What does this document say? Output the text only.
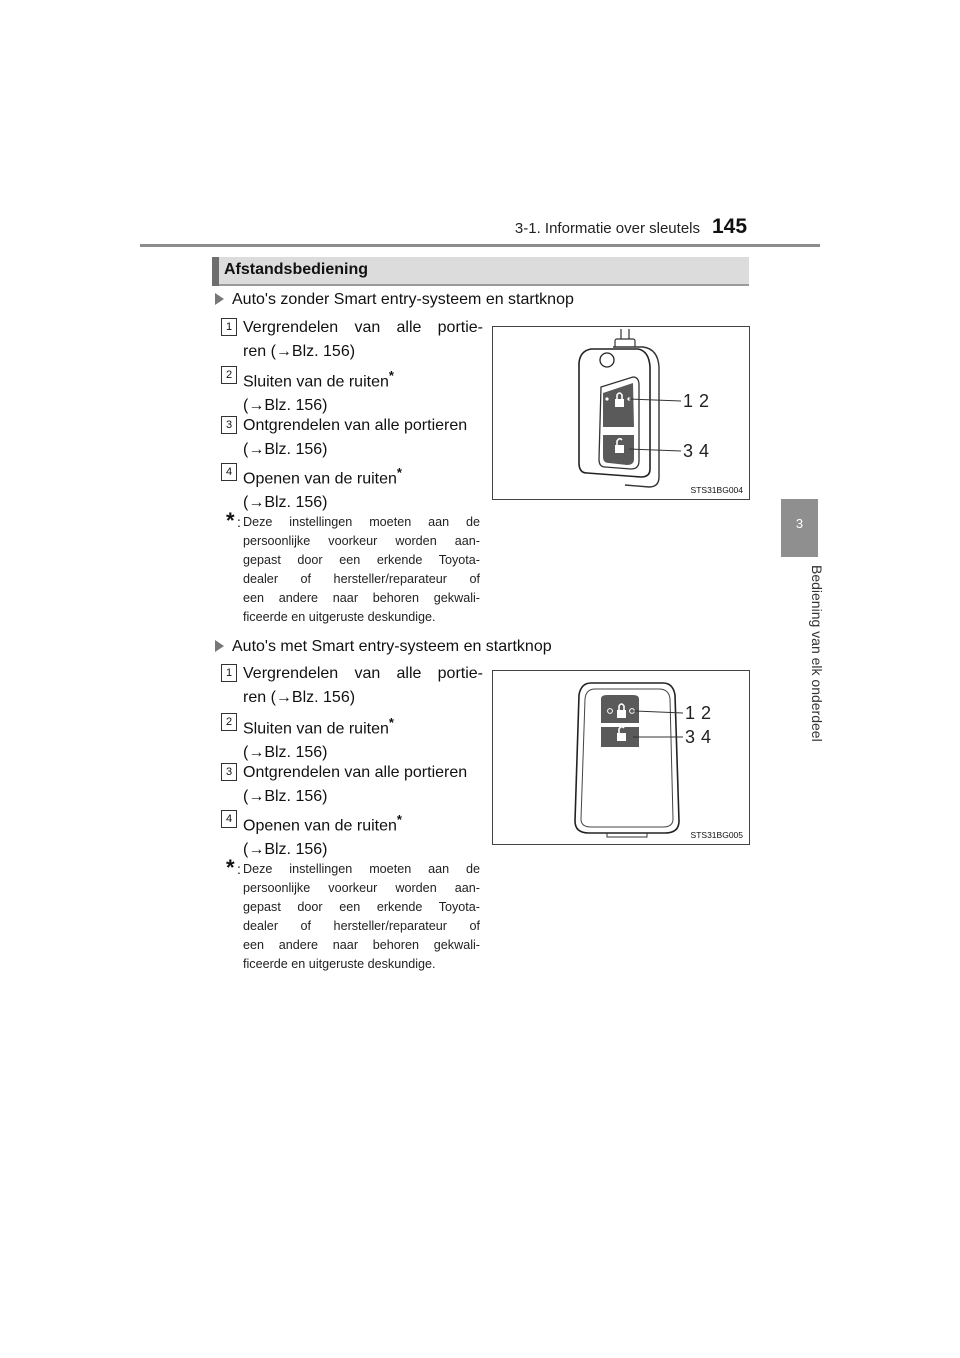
3-1. Informatie over sleutels 145
3
Bediening van elk onderdeel
Afstandsbediening
Auto's zonder Smart entry-systeem en startknop
1 Vergrendelen van alle portie-
ren (→Blz. 156)
2 Sluiten van de ruiten*
(→Blz. 156)
3 Ontgrendelen van alle portieren
(→Blz. 156)
4 Openen van de ruiten*
(→Blz. 156)
* : Deze instellingen moeten aan de
persoonlijke voorkeur worden aan-
gepast door een erkende Toyota-
dealer of hersteller/reparateur of
een andere naar behoren gekwali-
ficeerde en uitgeruste deskundige.
1 2
3 4
STS31BG004
Auto's met Smart entry-systeem en startknop
1 Vergrendelen van alle portie-
ren (→Blz. 156)
2 Sluiten van de ruiten*
(→Blz. 156)
3 Ontgrendelen van alle portieren
(→Blz. 156)
4 Openen van de ruiten*
(→Blz. 156)
* : Deze instellingen moeten aan de
persoonlijke voorkeur worden aan-
gepast door een erkende Toyota-
dealer of hersteller/reparateur of
een andere naar behoren gekwali-
ficeerde en uitgeruste deskundige.
1 2
3 4
STS31BG005
